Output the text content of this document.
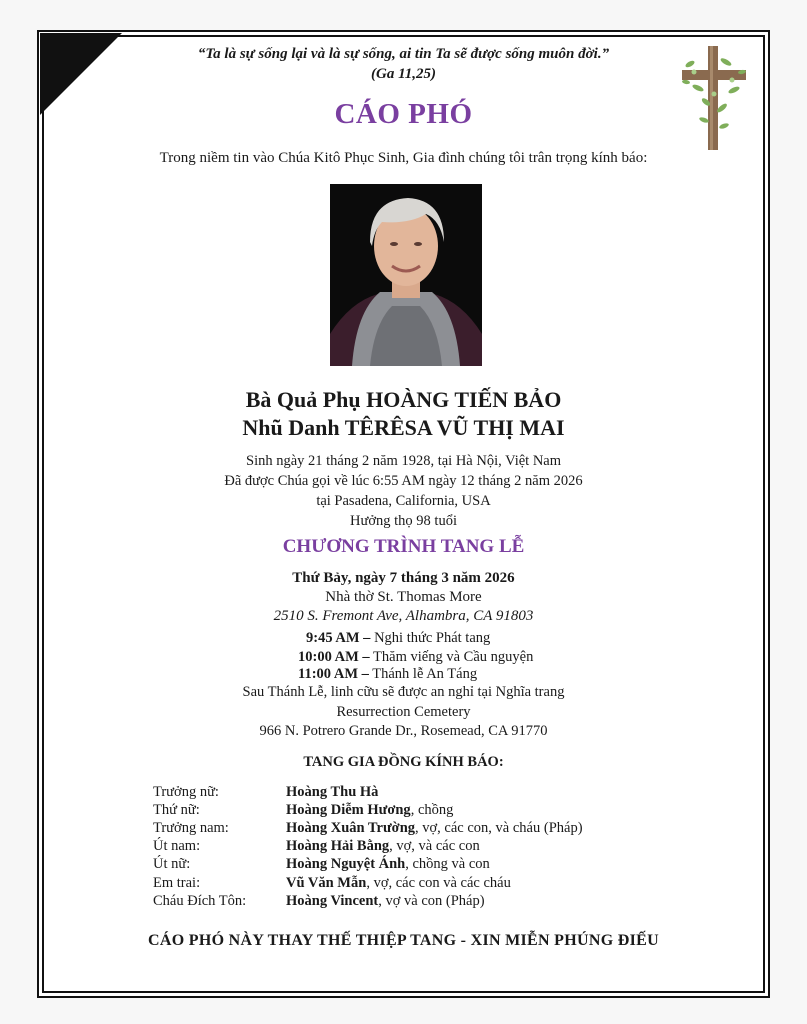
“Ta là sự sống lại và là sự sống, ai tin Ta sẽ được sống muôn đời.”
(Ga 11,25)
CÁO PHÓ
Trong niềm tin vào Chúa Kitô Phục Sinh, Gia đình chúng tôi trân trọng kính báo:
Bà Quả Phụ HOÀNG TIẾN BẢO
Nhũ Danh TÊRÊSA VŨ THỊ MAI
Sinh ngày 21 tháng 2 năm 1928, tại Hà Nội, Việt Nam
Đã được Chúa gọi về lúc 6:55 AM ngày 12 tháng 2 năm 2026
tại Pasadena, California, USA
Hưởng thọ 98 tuổi
CHƯƠNG TRÌNH TANG LỄ
Thứ Bảy, ngày 7 tháng 3 năm 2026
Nhà thờ St. Thomas More
2510 S. Fremont Ave, Alhambra, CA 91803
9:45 AM – Nghi thức Phát tang
10:00 AM – Thăm viếng và Cầu nguyện
11:00 AM – Thánh lễ An Táng
Sau Thánh Lễ, linh cữu sẽ được an nghỉ tại Nghĩa trang
Resurrection Cemetery
966 N. Potrero Grande Dr., Rosemead, CA 91770
TANG GIA ĐỒNG KÍNH BÁO:
Trưởng nữ:	Hoàng Thu Hà
Thứ nữ:	Hoàng Diễm Hương, chồng
Trưởng nam:	Hoàng Xuân Trường, vợ, các con, và cháu (Pháp)
Út nam:	Hoàng Hải Bằng, vợ, và các con
Út nữ:	Hoàng Nguyệt Ánh, chồng và con
Em trai:	Vũ Văn Mẫn, vợ, các con và các cháu
Cháu Đích Tôn:	Hoàng Vincent, vợ và con (Pháp)
CÁO PHÓ NÀY THAY THẾ THIỆP TANG - XIN MIỄN PHÚNG ĐIẾU
